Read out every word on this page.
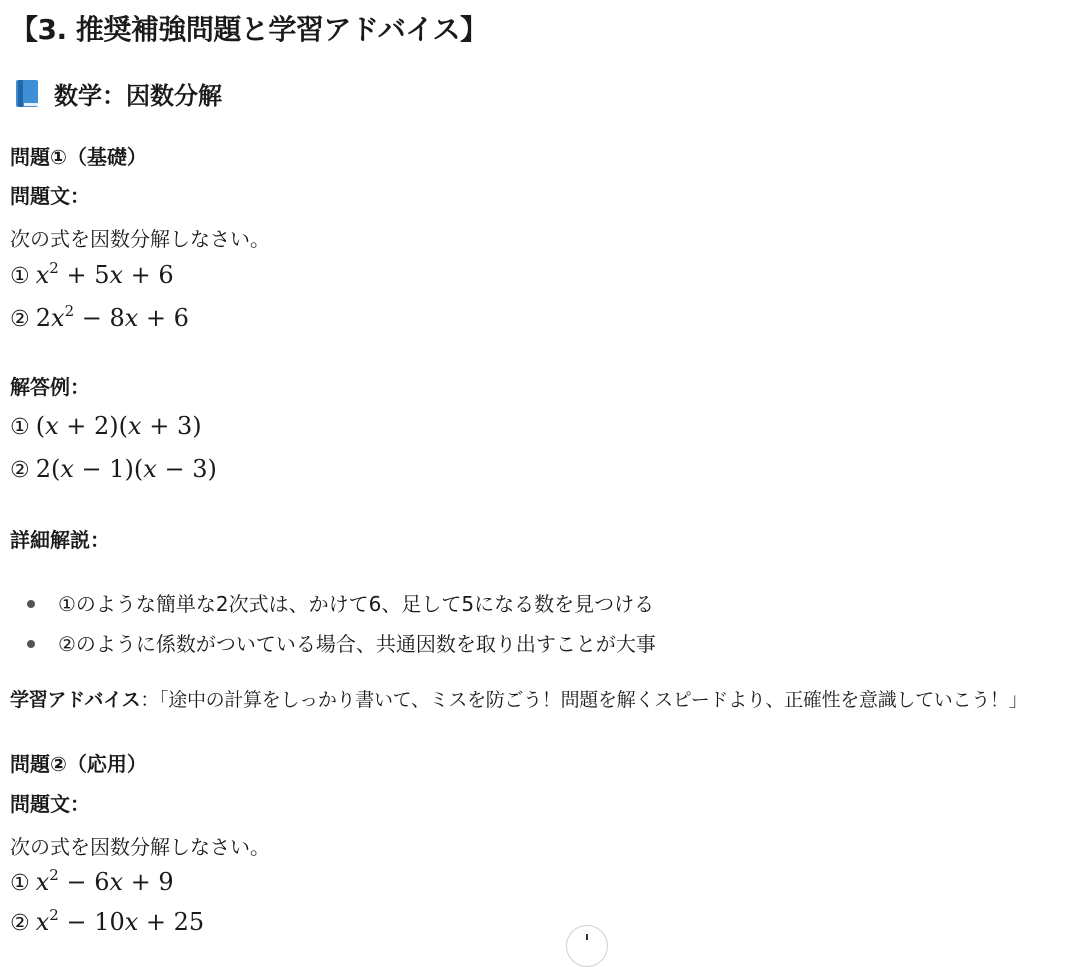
【3. 推奨補強問題と学習アドバイス】
数学：因数分解
問題①（基礎）
問題文：
次の式を因数分解しなさい。
① $x^2 + 5x + 6$
② $2x^2 - 8x + 6$
解答例：
① (x + 2)(x + 3)
② 2(x − 1)(x − 3)
詳細解説：
①のような簡単な2次式は、かけて6、足して5になる数を見つける
②のように係数がついている場合、共通因数を取り出すことが大事
学習アドバイス：「途中の計算をしっかり書いて、ミスを防ごう！問題を解くスピードより、正確性を意識していこう！」
問題②（応用）
問題文：
次の式を因数分解しなさい。
① $x^2 - 6x + 9$
② $x^2 - 10x + 25$
